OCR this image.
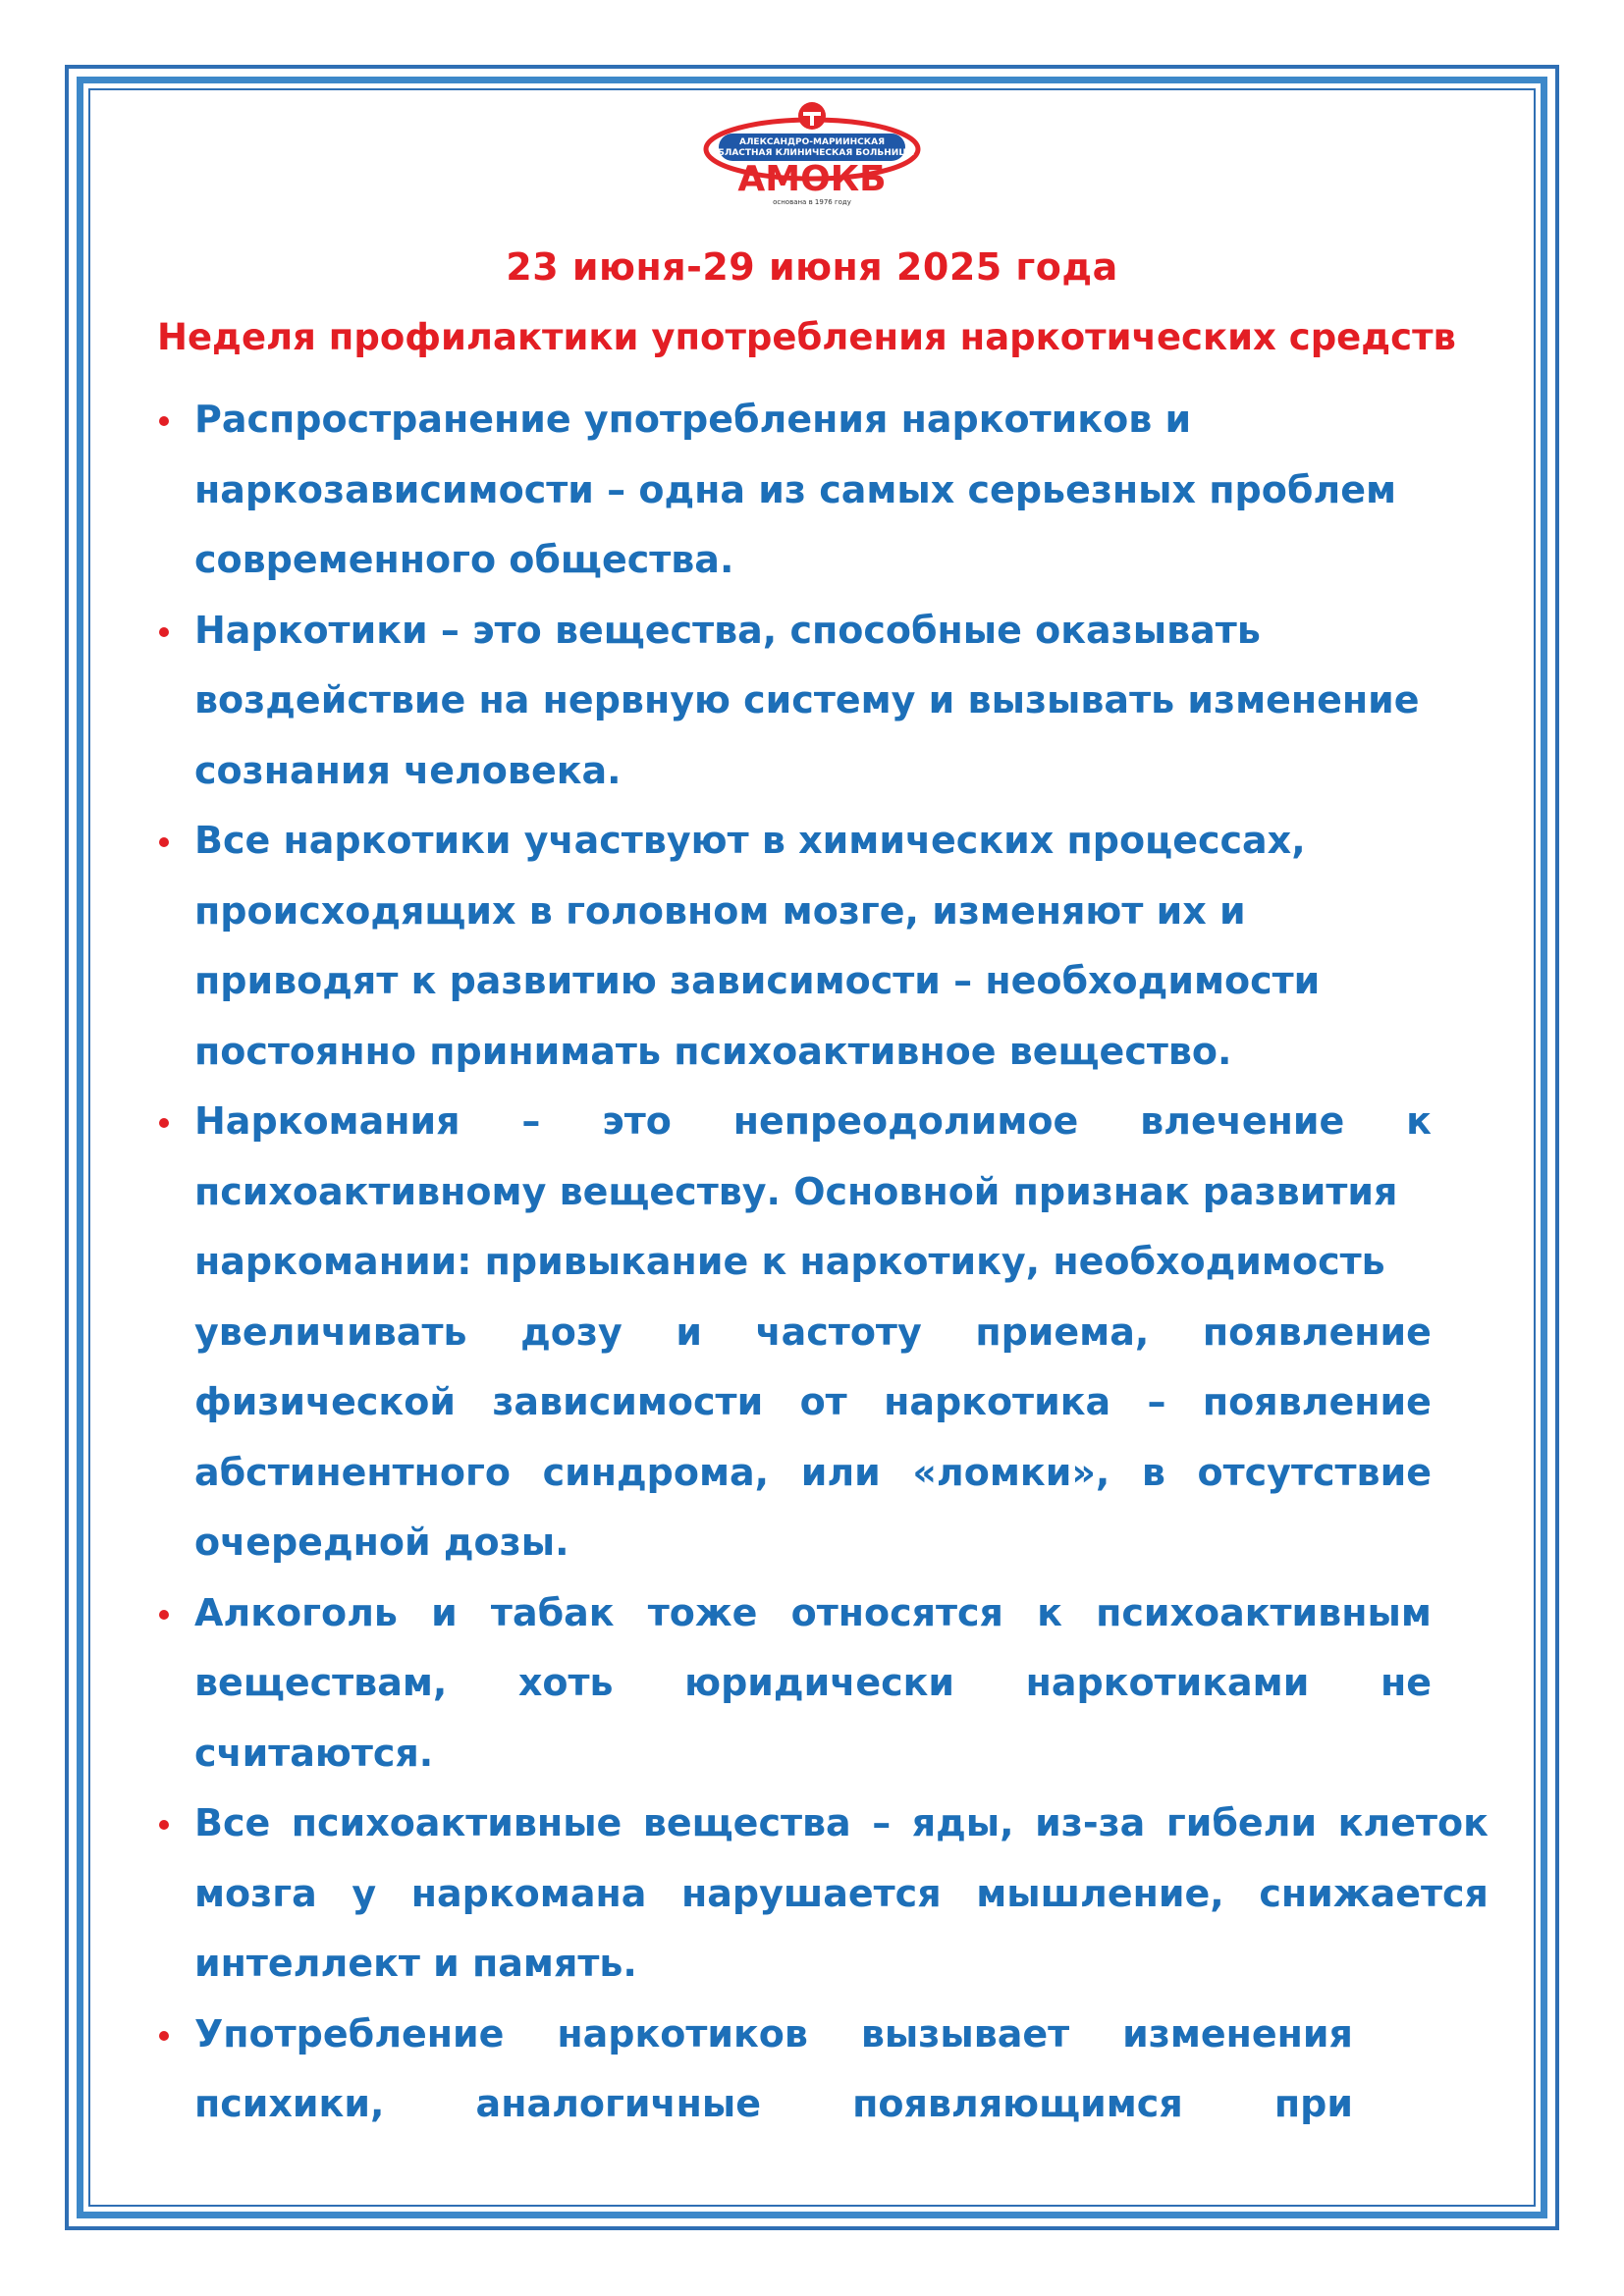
АЛЕКСАНДРО-МАРИИНСКАЯ
ОБЛАСТНАЯ КЛИНИЧЕСКАЯ БОЛЬНИЦА
АМОКБ
основана в 1976 году
23 июня-29 июня 2025 года
Неделя профилактики употребления наркотических средств
Распространение употребления наркотиков и
наркозависимости – одна из самых серьезных проблем
современного общества.
Наркотики – это вещества, способные оказывать
воздействие на нервную систему и вызывать изменение
сознания человека.
Все наркотики участвуют в химических процессах,
происходящих в головном мозге, изменяют их и
приводят к развитию зависимости – необходимости
постоянно принимать психоактивное вещество.
Наркомания – это непреодолимое влечение к
психоактивному веществу. Основной признак развития
наркомании: привыкание к наркотику, необходимость
увеличивать дозу и частоту приема, появление
физической зависимости от наркотика – появление
абстинентного синдрома, или «ломки», в отсутствие
очередной дозы.
Алкоголь и табак тоже относятся к психоактивным
веществам, хоть юридически наркотиками не
считаются.
Все психоактивные вещества – яды, из-за гибели клеток
мозга у наркомана нарушается мышление, снижается
интеллект и память.
Употребление наркотиков вызывает изменения
психики, аналогичные появляющимся при
